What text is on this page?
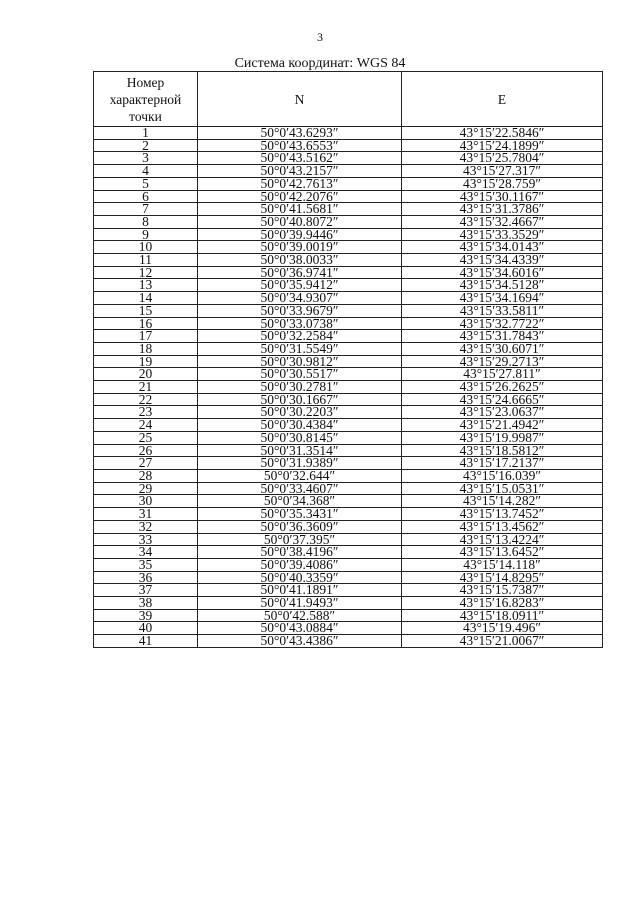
3
Система координат: WGS 84
Номер характерной точки	N	E
1	50°0′43.6293″	43°15′22.5846″
2	50°0′43.6553″	43°15′24.1899″
3	50°0′43.5162″	43°15′25.7804″
4	50°0′43.2157″	43°15′27.317″
5	50°0′42.7613″	43°15′28.759″
6	50°0′42.2076″	43°15′30.1167″
7	50°0′41.5681″	43°15′31.3786″
8	50°0′40.8072″	43°15′32.4667″
9	50°0′39.9446″	43°15′33.3529″
10	50°0′39.0019″	43°15′34.0143″
11	50°0′38.0033″	43°15′34.4339″
12	50°0′36.9741″	43°15′34.6016″
13	50°0′35.9412″	43°15′34.5128″
14	50°0′34.9307″	43°15′34.1694″
15	50°0′33.9679″	43°15′33.5811″
16	50°0′33.0738″	43°15′32.7722″
17	50°0′32.2584″	43°15′31.7843″
18	50°0′31.5549″	43°15′30.6071″
19	50°0′30.9812″	43°15′29.2713″
20	50°0′30.5517″	43°15′27.811″
21	50°0′30.2781″	43°15′26.2625″
22	50°0′30.1667″	43°15′24.6665″
23	50°0′30.2203″	43°15′23.0637″
24	50°0′30.4384″	43°15′21.4942″
25	50°0′30.8145″	43°15′19.9987″
26	50°0′31.3514″	43°15′18.5812″
27	50°0′31.9389″	43°15′17.2137″
28	50°0′32.644″	43°15′16.039″
29	50°0′33.4607″	43°15′15.0531″
30	50°0′34.368″	43°15′14.282″
31	50°0′35.3431″	43°15′13.7452″
32	50°0′36.3609″	43°15′13.4562″
33	50°0′37.395″	43°15′13.4224″
34	50°0′38.4196″	43°15′13.6452″
35	50°0′39.4086″	43°15′14.118″
36	50°0′40.3359″	43°15′14.8295″
37	50°0′41.1891″	43°15′15.7387″
38	50°0′41.9493″	43°15′16.8283″
39	50°0′42.588″	43°15′18.0911″
40	50°0′43.0884″	43°15′19.496″
41	50°0′43.4386″	43°15′21.0067″
